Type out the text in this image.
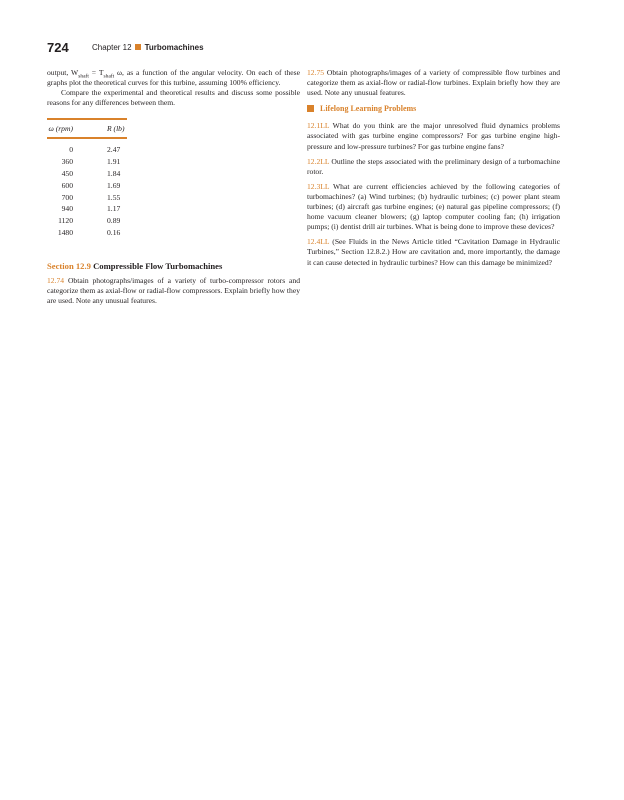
724	Chapter 12 Turbomachines

output, $W_{shaft} = T_{shaft}$ ω, as a function of the angular velocity. On each of these graphs plot the theoretical curves for this turbine, assuming 100% efficiency.

Compare the experimental and theoretical results and discuss some possible reasons for any differences between them.

ω (rpm)	R (lb)
0	2.47
360	1.91
450	1.84
600	1.69
700	1.55
940	1.17
1120	0.89
1480	0.16
Section 12.9 Compressible Flow Turbomachines

12.74 Obtain photographs/images of a variety of turbo-compressor rotors and categorize them as axial-flow or radial-flow compressors. Explain briefly how they are used. Note any unusual features.

12.75 Obtain photographs/images of a variety of compressible flow turbines and categorize them as axial-flow or radial-flow turbines. Explain briefly how they are used. Note any unusual features.

Lifelong Learning Problems

12.1LL What do you think are the major unresolved fluid dynamics problems associated with gas turbine engine compressors? For gas turbine engine high-pressure and low-pressure turbines? For gas turbine engine fans?

12.2LL Outline the steps associated with the preliminary design of a turbomachine rotor.

12.3LL What are current efficiencies achieved by the following categories of turbomachines? (a) Wind turbines; (b) hydraulic turbines; (c) power plant steam turbines; (d) aircraft gas turbine engines; (e) natural gas pipeline compressors; (f) home vacuum cleaner blowers; (g) laptop computer cooling fan; (h) irrigation pumps; (i) dentist drill air turbines. What is being done to improve these devices?

12.4LL (See Fluids in the News Article titled “Cavitation Damage in Hydraulic Turbines,” Section 12.8.2.) How are cavitation and, more importantly, the damage it can cause detected in hydraulic turbines? How can this damage be minimized?
